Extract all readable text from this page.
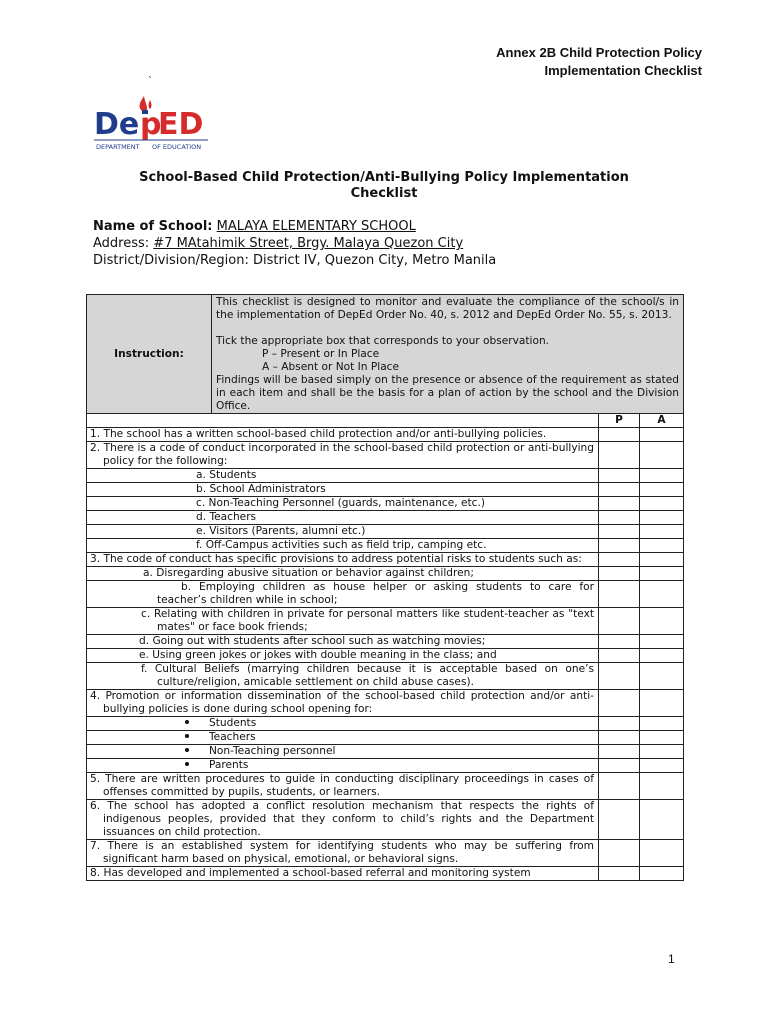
Annex 2B Child Protection Policy
Implementation Checklist
`
De p
ED
DEPARTMENT OF EDUCATION
School-Based Child Protection/Anti-Bullying Policy Implementation
Checklist
Name of School: MALAYA ELEMENTARY SCHOOL
Address: #7 MAtahimik Street, Brgy. Malaya Quezon City
District/Division/Region: District IV, Quezon City, Metro Manila
Instruction:	This checklist is designed to monitor and evaluate the compliance of the school/s in the implementation of DepEd Order No. 40, s. 2012 and DepEd Order No. 55, s. 2013.
Tick the appropriate box that corresponds to your observation.
P – Present or In Place
A – Absent or Not In Place
Findings will be based simply on the presence or absence of the requirement as stated in each item and shall be the basis for a plan of action by the school and the Division Office.		

		P	A
1. The school has a written school-based child protection and/or anti-bullying policies.			
2. There is a code of conduct incorporated in the school-based child protection or anti-bullying policy for the following:			
a. Students			
b. School Administrators			
c. Non-Teaching Personnel (guards, maintenance, etc.)			
d. Teachers			
e. Visitors (Parents, alumni etc.)			
f. Off-Campus activities such as field trip, camping etc.			
3. The code of conduct has specific provisions to address potential risks to students such as:			
a. Disregarding abusive situation or behavior against children;			
b. Employing children as house helper or asking students to care for teacher’s children while in school;			
c. Relating with children in private for personal matters like student-teacher as "text mates" or face book friends;			
d. Going out with students after school such as watching movies;			
e. Using green jokes or jokes with double meaning in the class; and			
f. Cultural Beliefs (marrying children because it is acceptable based on one’s culture/religion, amicable settlement on child abuse cases).			
4. Promotion or information dissemination of the school-based child protection and/or anti-bullying policies is done during school opening for:			

Students			

Teachers			

Non-Teaching personnel			

Parents			
5. There are written procedures to guide in conducting disciplinary proceedings in cases of offenses committed by pupils, students, or learners.			
6. The school has adopted a conflict resolution mechanism that respects the rights of indigenous peoples, provided that they conform to child’s rights and the Department issuances on child protection.			
7. There is an established system for identifying students who may be suffering from significant harm based on physical, emotional, or behavioral signs.			
8. Has developed and implemented a school-based referral and monitoring system			
1
